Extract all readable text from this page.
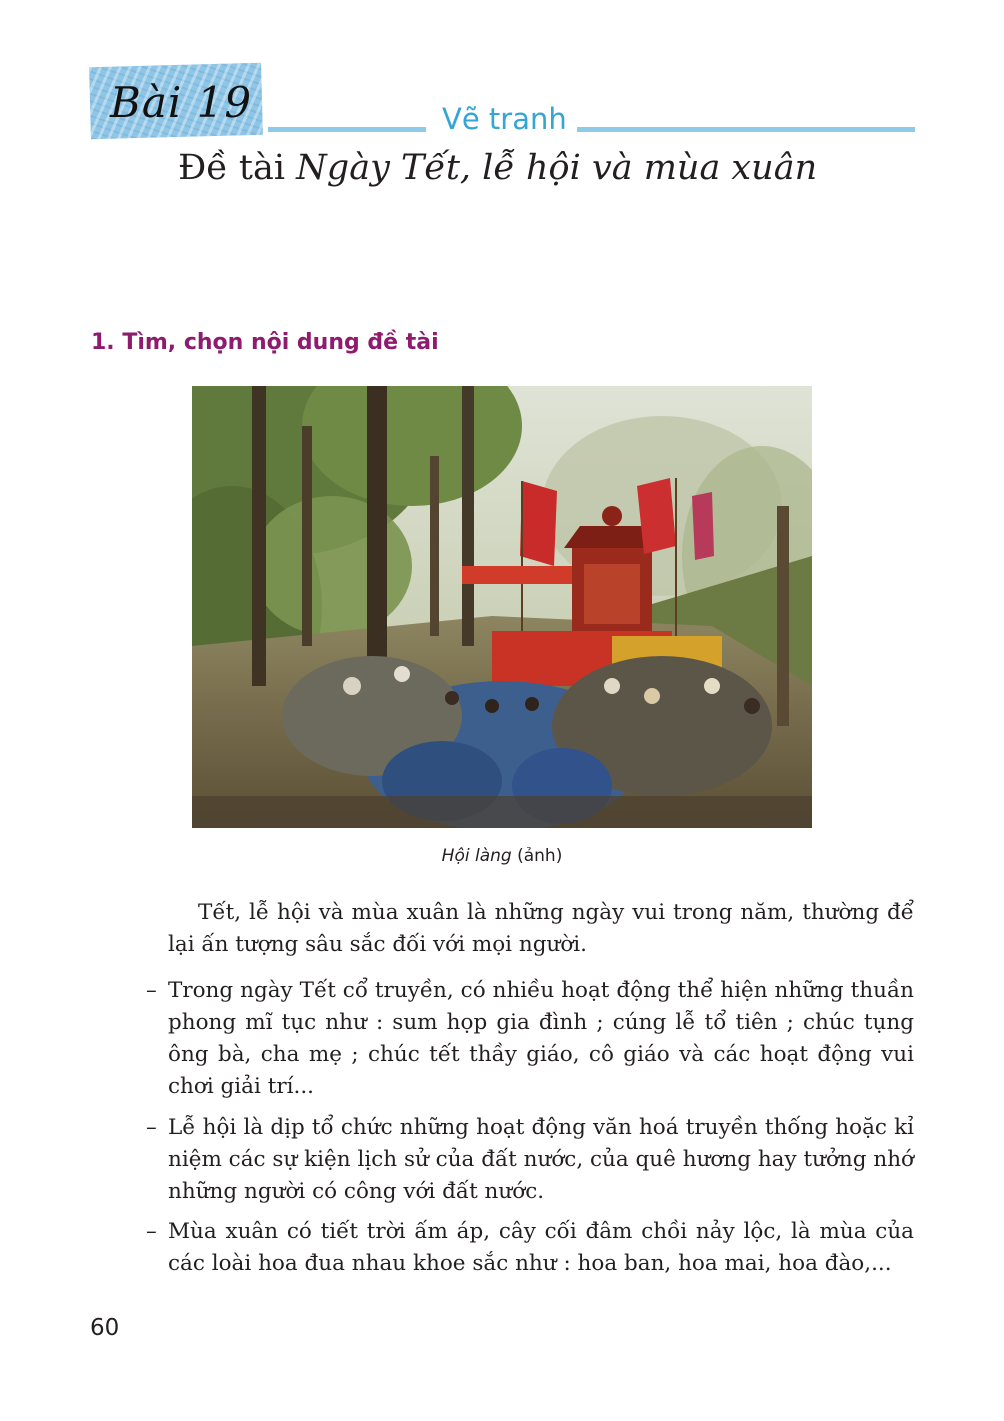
Bài 19	Vẽ tranh
Đề tài Ngày Tết, lễ hội và mùa xuân
1. Tìm, chọn nội dung đề tài
Hội làng (ảnh)

Tết, lễ hội và mùa xuân là những ngày vui trong năm, thường để lại ấn tượng sâu sắc đối với mọi người.

– Trong ngày Tết cổ truyền, có nhiều hoạt động thể hiện những thuần phong mĩ tục như : sum họp gia đình ; cúng lễ tổ tiên ; chúc tụng ông bà, cha mẹ ; chúc tết thầy giáo, cô giáo và các hoạt động vui chơi giải trí...

– Lễ hội là dịp tổ chức những hoạt động văn hoá truyền thống hoặc kỉ niệm các sự kiện lịch sử của đất nước, của quê hương hay tưởng nhớ những người có công với đất nước.

– Mùa xuân có tiết trời ấm áp, cây cối đâm chồi nảy lộc, là mùa của các loài hoa đua nhau khoe sắc như : hoa ban, hoa mai, hoa đào,...

60
